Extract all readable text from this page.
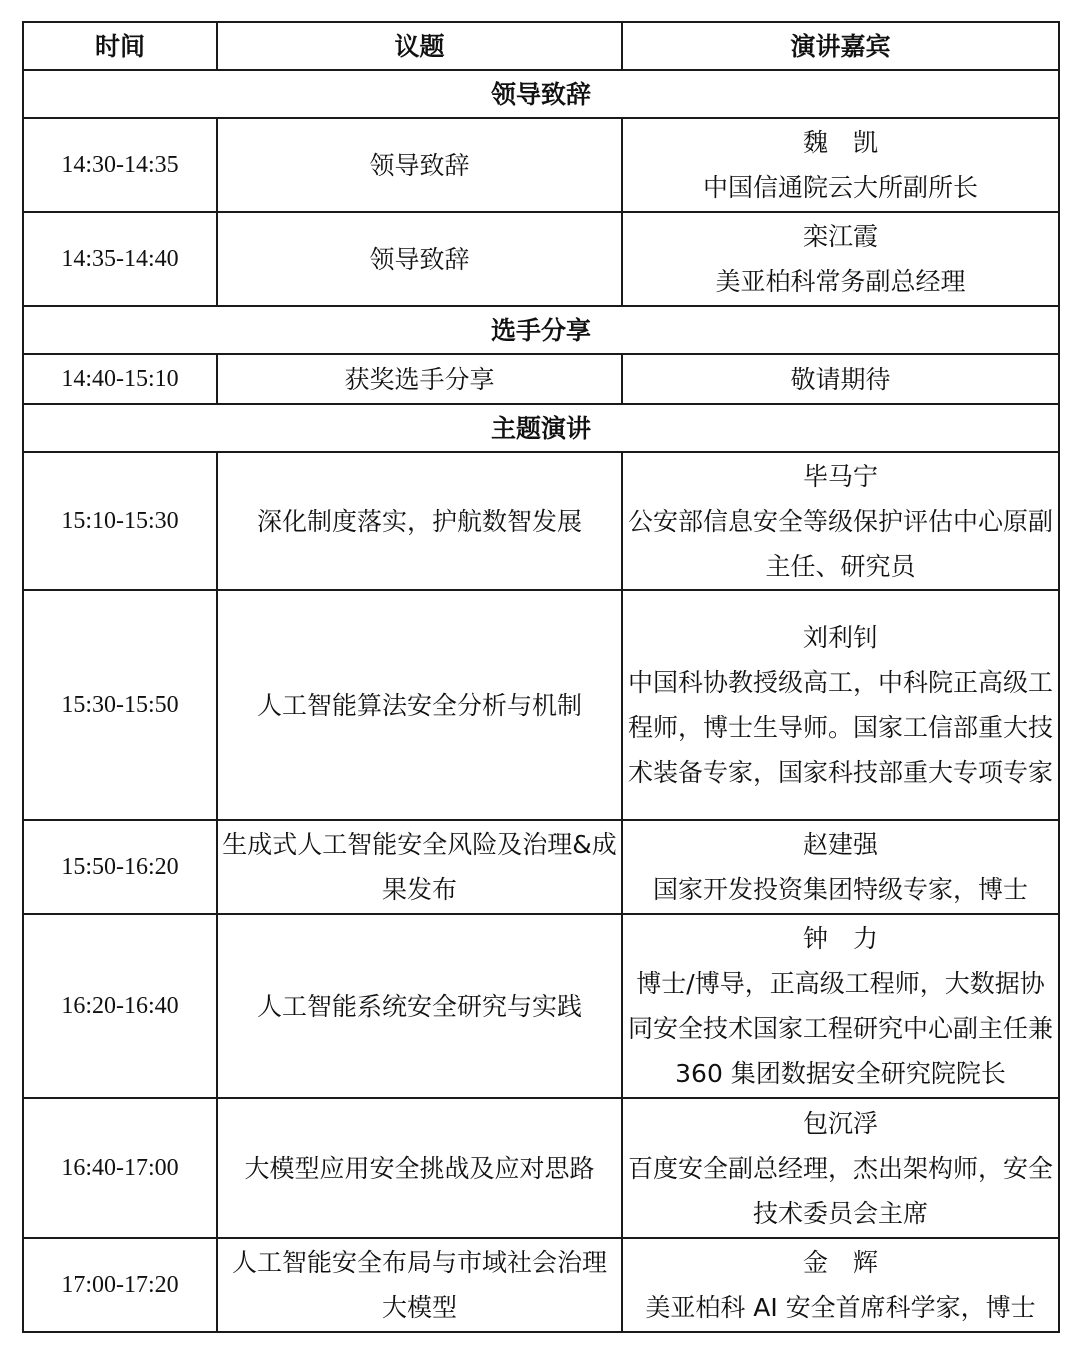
时间	议题	演讲嘉宾
领导致辞		
14:30-14:35	领导致辞	魏　凯
中国信通院云大所副所长

14:35-14:40	领导致辞	栾江霞
美亚柏科常务副总经理

选手分享		
14:40-15:10	获奖选手分享	敬请期待
主题演讲		
15:10-15:30	深化制度落实，护航数智发展	毕马宁
公安部信息安全等级保护评估中心原副主任、研究员

15:30-15:50	人工智能算法安全分析与机制	刘利钊
中国科协教授级高工，中科院正高级工程师，博士生导师。国家工信部重大技术装备专家，国家科技部重大专项专家

15:50-16:20	生成式人工智能安全风险及治理&成果发布	赵建强
国家开发投资集团特级专家，博士

16:20-16:40	人工智能系统安全研究与实践	钟　力
博士/博导，正高级工程师，大数据协同安全技术国家工程研究中心副主任兼 360 集团数据安全研究院院长

16:40-17:00	大模型应用安全挑战及应对思路	包沉浮
百度安全副总经理，杰出架构师，安全技术委员会主席

17:00-17:20	人工智能安全布局与市域社会治理大模型	金　辉
美亚柏科 AI 安全首席科学家，博士
